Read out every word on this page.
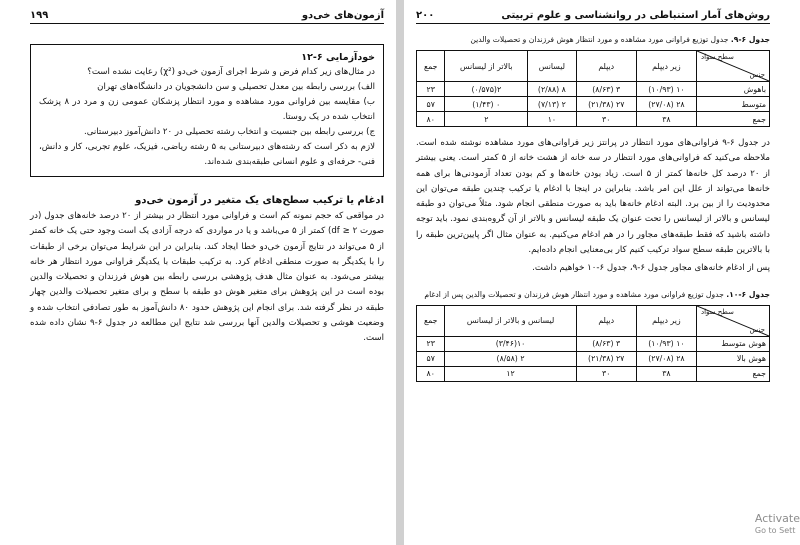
آزمون‌های خی‌دو
۱۹۹
خودآزمایی ۶-۱۲

در مثال‌های زیر کدام فرض و شرط اجرای آزمون خی‌دو (χ²) رعایت نشده است؟

الف) بررسی رابطه بین معدل تحصیلی و سن دانشجویان در دانشگاه‌های تهران

ب) مقایسه بین فراوانی مورد مشاهده و مورد انتظار پزشکان عمومی زن و مرد در ۸ پزشک انتخاب شده در یک روستا.

ج) بررسی رابطه بین جنسیت و انتخاب رشته تحصیلی در ۲۰ دانش‌آموز دبیرستانی.

لازم به ذکر است که رشته‌های دبیرستانی به ۵ رشته ریاضی، فیزیک، علوم تجربی، کار و دانش، فنی- حرفه‌ای و علوم انسانی طبقه‌بندی شده‌اند.

ادغام یا ترکیب سطح‌های یک متغیر در آزمون خی‌دو

در مواقعی که حجم نمونه کم است و فراوانی مورد انتظار در بیشتر از ۲۰ درصد خانه‌های جدول (در صورت df ≥ ۲) کمتر از ۵ می‌باشد و یا در مواردی که درجه آزادی یک است وجود حتی یک خانه کمتر از ۵ می‌تواند در نتایج آزمون خی‌دو خطا ایجاد کند. بنابراین در این شرایط می‌توان برخی از طبقات را با یکدیگر به صورت منطقی ادغام کرد. به ترکیب طبقات با یکدیگر فراوانی مورد انتظار هر خانه بیشتر می‌شود. به عنوان مثال هدف پژوهشی بررسی رابطه بین هوش فرزندان و تحصیلات والدین بوده است در این پژوهش برای متغیر هوش دو طبقه با سطح و برای متغیر تحصیلات والدین چهار طبقه در نظر گرفته شد. برای انجام این پژوهش حدود ۸۰ دانش‌آموز به طور تصادفی انتخاب شده و وضعیت هوشی و تحصیلات والدین آنها بررسی شد نتایج این مطالعه در جدول ۶-۹ نشان داده شده است.

روش‌های آمار استنباطی در روانشناسی و علوم تربیتی
۲۰۰
جدول ۶-۹. جدول توزیع فراوانی مورد مشاهده و مورد انتظار هوش فرزندان و تحصیلات والدین
سطح سواد
جنس	زیر دیپلم	دیپلم	لیسانس	بالاتر از لیسانس	جمع
باهوش	۱۰ (۱۰/۹۳)	۳ (۸/۶۳)	۸ (۲/۸۸)	۲(۰/۵۷۵)	۲۳
متوسط	۲۸ (۲۷/۰۸)	۲۷ (۲۱/۳۸)	۲ (۷/۱۳)	۰ (۱/۴۳)	۵۷
جمع	۳۸	۳۰	۱۰	۲	۸۰

در جدول ۶-۹ فراوانی‌های مورد انتظار در پرانتز زیر فراوانی‌های مورد مشاهده نوشته شده است. ملاحظه می‌کنید که فراوانی‌های مورد انتظار در سه خانه از هشت خانه از ۵ کمتر است. یعنی بیشتر از ۲۰ درصد کل خانه‌ها کمتر از ۵ است. زیاد بودن خانه‌ها و کم بودن تعداد آزمودنی‌ها برای همه خانه‌ها می‌تواند از علل این امر باشد. بنابراین در اینجا با ادغام یا ترکیب چندین طبقه می‌توان این محدودیت را از بین برد. البته ادغام خانه‌ها باید به صورت منطقی انجام شود. مثلاً می‌توان دو طبقه لیسانس و بالاتر از لیسانس را تحت عنوان یک طبقه لیسانس و بالاتر از آن گروه‌بندی نمود. باید توجه داشته باشید که فقط طبقه‌های مجاور را در هم ادغام می‌کنیم. به عنوان مثال اگر پایین‌ترین طبقه را با بالاترین طبقه سطح سواد ترکیب کنیم کار بی‌معنایی انجام داده‌ایم.

پس از ادغام خانه‌های مجاور جدول ۶-۹، جدول ۶-۱۰ خواهیم داشت.

جدول ۶-۱۰. جدول توزیع فراوانی مورد مشاهده و مورد انتظار هوش فرزندان و تحصیلات والدین پس از ادغام
سطح سواد
جنس	زیر دیپلم	دیپلم	لیسانس و بالاتر از لیسانس	جمع
هوش متوسط	۱۰ (۱۰/۹۳)	۳ (۸/۶۳)	۱۰(۳/۴۶)	۲۳
هوش بالا	۲۸ (۲۷/۰۸)	۲۷ (۲۱/۳۸)	۲ (۸/۵۸)	۵۷
جمع	۳۸	۳۰	۱۲	۸۰
Activate
Go to Sett
